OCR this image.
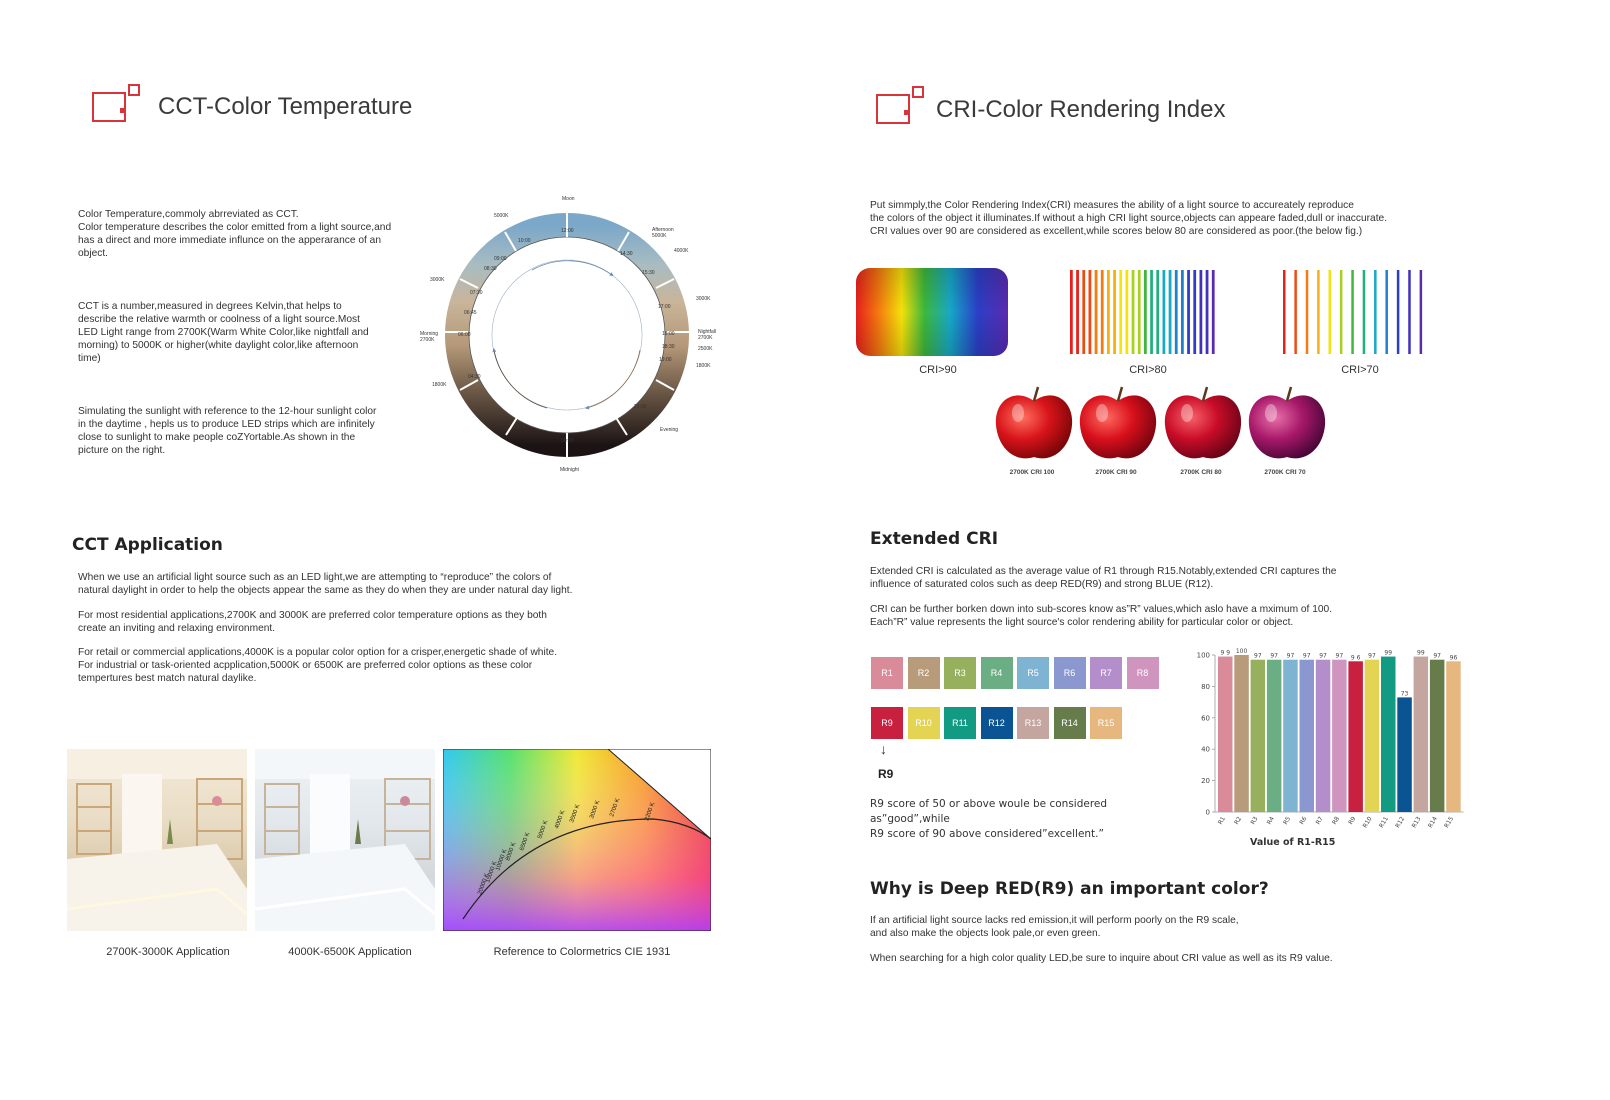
CCT-Color Temperature

Color Temperature,commoly abrreviated as CCT.
Color temperature describes the color emitted from a light source,and
has a direct and more immediate influnce on the apperarance of an
object.

CCT is a number,measured in degrees Kelvin,that helps to
describe the relative warmth or coolness of a light source.Most
LED Light range from 2700K(Warm White Color,like nightfall and
morning) to 5000K or higher(white daylight color,like afternoon
time)

Simulating the sunlight with reference to the 12-hour sunlight color
in the daytime , hepls us to produce LED strips which are infinitely
close to sunlight to make people coZYortable.As shown in the
picture on the right.

Moon
5000K
Afternoon
5000K
4000K
3000K
3000K
Morning
2700K
Nightfall
2700K
2500K
1800K
1800K
Evening
Midnight
12:00
10:00
14:30
09:00
15:30
08:30
07:30
17:00
06:45
18:00
06:00
18:30
19:00
04:30
21:00
22:30	02:30
00:00
CCT Application

When we use an artificial light source such as an LED light,we are attempting to “reproduce” the colors of
natural daylight in order to help the objects appear the same as they do when they are under natural day light.

For most residential applications,2700K and 3000K are preferred color temperature options as they both
create an inviting and relaxing environment.

For retail or commercial applications,4000K is a popular color option for a crisper,energetic shade of white.
For industrial or task-oriented acpplication,5000K or 6500K are preferred color options as these color
tempertures best match natural daylike.

2200 K
2700 K
3000 K
3500 K
4000 K
5000 K
6500 K
8000 K
10000 K
15000 K
20000 K
2700K-3000K Application	4000K-6500K Application	Reference to Colormetrics CIE 1931
CRI-Color Rendering Index

Put simmply,the Color Rendering Index(CRI) measures the ability of a light source to accureately reproduce
the colors of the object it illuminates.If without a high CRI light source,objects can appeare faded,dull or inaccurate.
CRI values over 90 are considered as excellent,while scores below 80 are considered as poor.(the below fig.)

CRI>90	CRI>80	CRI>70
2700K CRI 100	2700K CRI 90	2700K CRI 80	2700K CRI 70
Extended CRI

Extended CRI is calculated as the average value of R1 through R15.Notably,extended CRI captures the
influence of saturated colos such as deep RED(R9) and strong BLUE (R12).

CRI can be further borken down into sub-scores know as”R” values,which aslo have a mximum of 100.
Each”R” value represents the light source's color rendering ability for particular color or object.

R1	R2	R3	R4	R5	R6	R7	R8
R9	R10	R11	R12	R13	R14	R15
↓
R9

R9 score of 50 or above woule be considered as”good”,while
R9 score of 90 above considered”excellent.”

0
20
40
60
80
100 9 9
R1
100
R2
97
R3
97
R4
97
R5
97
R6
97
R7
97
R8
9 6
R9
97
R10
99
R11
73
R12
99
R13
97
R14
96
R15
Value of R1-R15
Why is Deep RED(R9) an important color?

If an artificial light source lacks red emission,it will perform poorly on the R9 scale,
and also make the objects look pale,or even green.

When searching for a high color quality LED,be sure to inquire about CRI value as well as its R9 value.
